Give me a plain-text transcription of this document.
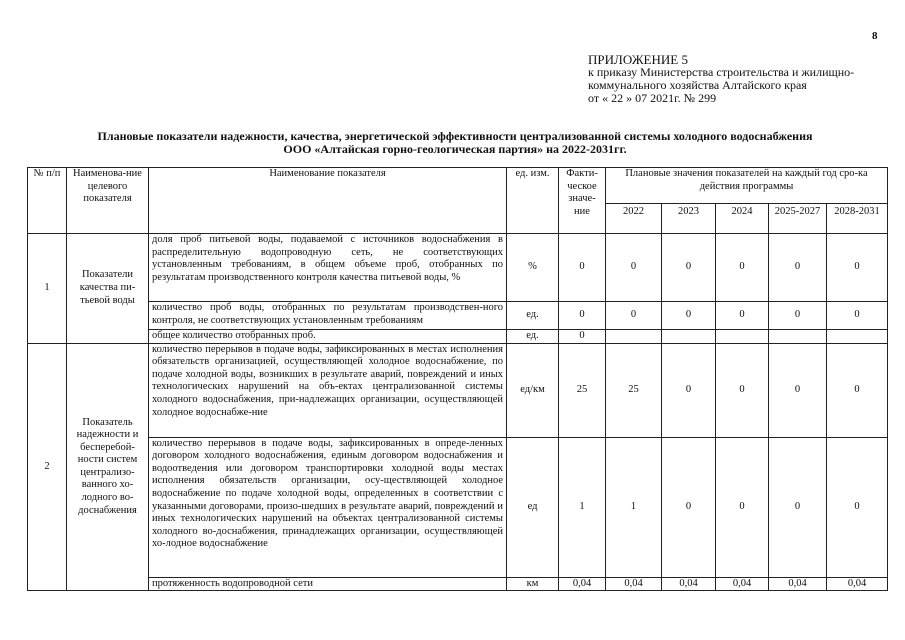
8
ПРИЛОЖЕНИЕ 5
к приказу Министерства строительства и жилищно-
коммунального хозяйства Алтайского края
от « 22 » 07 2021г. № 299
Плановые показатели надежности, качества, энергетической эффективности централизованной системы холодного водоснабжения
ООО «Алтайская горно-геологическая партия» на 2022-2031гг.
№ п/п	Наименова-ние целевого показателя	Наименование показателя	ед. изм.	Факти-ческое значе-ние	Плановые значения показателей на каждый год сро-ка действия программы				
					2022	2023	2024	2025-2027	2028-2031
1	Показатели качества пи-тьевой воды	доля проб питьевой воды, подаваемой с источников водоснабжения в распределительную водопроводную сеть, не соответствующих установленным требованиям, в общем объеме проб, отобранных по результатам производственного контроля качества питьевой воды, %	%	0	0	0	0	0	0
		количество проб воды, отобранных по результатам производствен-ного контроля, не соответствующих установленным требованиям	ед.	0	0	0	0	0	0
		общее количество отобранных проб.	ед.	0					
2	Показатель надежности и бесперебой-ности систем централизо-ванного хо-лодного во-доснабжения	количество перерывов в подаче воды, зафиксированных в местах исполнения обязательств организацией, осуществляющей холодное водоснабжение, по подаче холодной воды, возникших в результате аварий, повреждений и иных технологических нарушений на объ-ектах централизованной системы холодного водоснабжения, при-надлежащих организации, осуществляющей холодное водоснабже-ние	ед/км	25	25	0	0	0	0
		количество перерывов в подаче воды, зафиксированных в опреде-ленных договором холодного водоснабжения, единым договором водоснабжения и водоотведения или договором транспортировки холодной воды местах исполнения обязательств организации, осу-ществляющей холодное водоснабжение по подаче холодной воды, определенных в соответствии с указанными договорами, произо-шедших в результате аварий, повреждений и иных технологических нарушений на объектах централизованной системы холодного во-доснабжения, принадлежащих организации, осуществляющей хо-лодное водоснабжение	ед	1	1	0	0	0	0
		протяженность водопроводной сети	км	0,04	0,04	0,04	0,04	0,04	0,04
